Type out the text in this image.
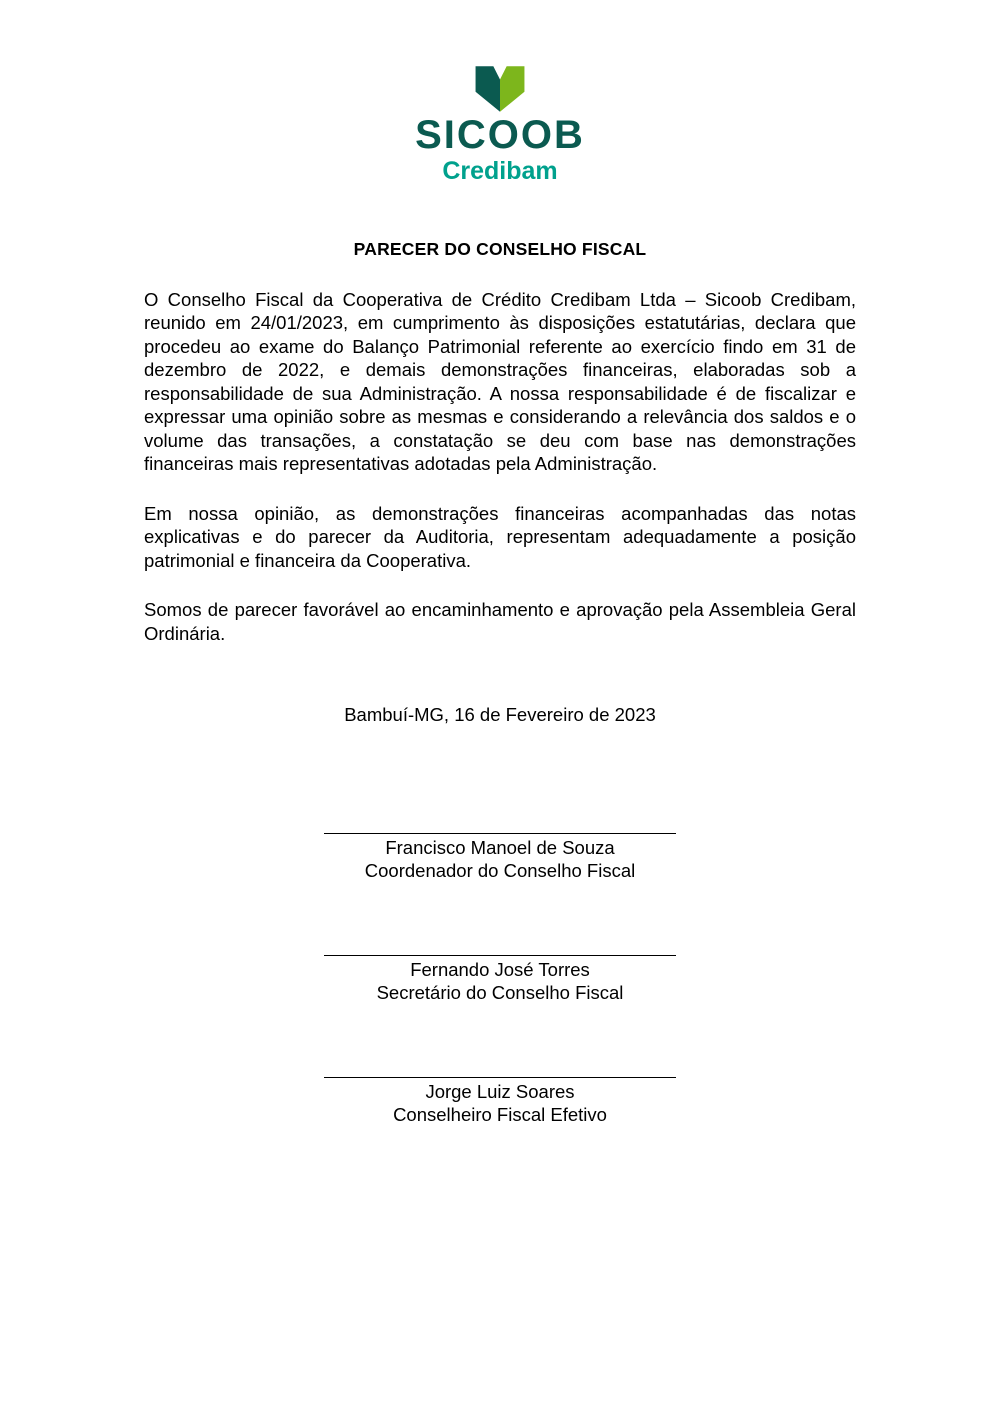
SICOOB
Credibam
PARECER DO CONSELHO FISCAL

O Conselho Fiscal da Cooperativa de Crédito Credibam Ltda – Sicoob Credibam, reunido em 24/01/2023, em cumprimento às disposições estatutárias, declara que procedeu ao exame do Balanço Patrimonial referente ao exercício findo em 31 de dezembro de 2022, e demais demonstrações financeiras, elaboradas sob a responsabilidade de sua Administração. A nossa responsabilidade é de fiscalizar e expressar uma opinião sobre as mesmas e considerando a relevância dos saldos e o volume das transações, a constatação se deu com base nas demonstrações financeiras mais representativas adotadas pela Administração.

Em nossa opinião, as demonstrações financeiras acompanhadas das notas explicativas e do parecer da Auditoria, representam adequadamente a posição patrimonial e financeira da Cooperativa.

Somos de parecer favorável ao encaminhamento e aprovação pela Assembleia Geral Ordinária.

Bambuí-MG, 16 de Fevereiro de 2023

Francisco Manoel de Souza
Coordenador do Conselho Fiscal
Fernando José Torres
Secretário do Conselho Fiscal
Jorge Luiz Soares
Conselheiro Fiscal Efetivo
